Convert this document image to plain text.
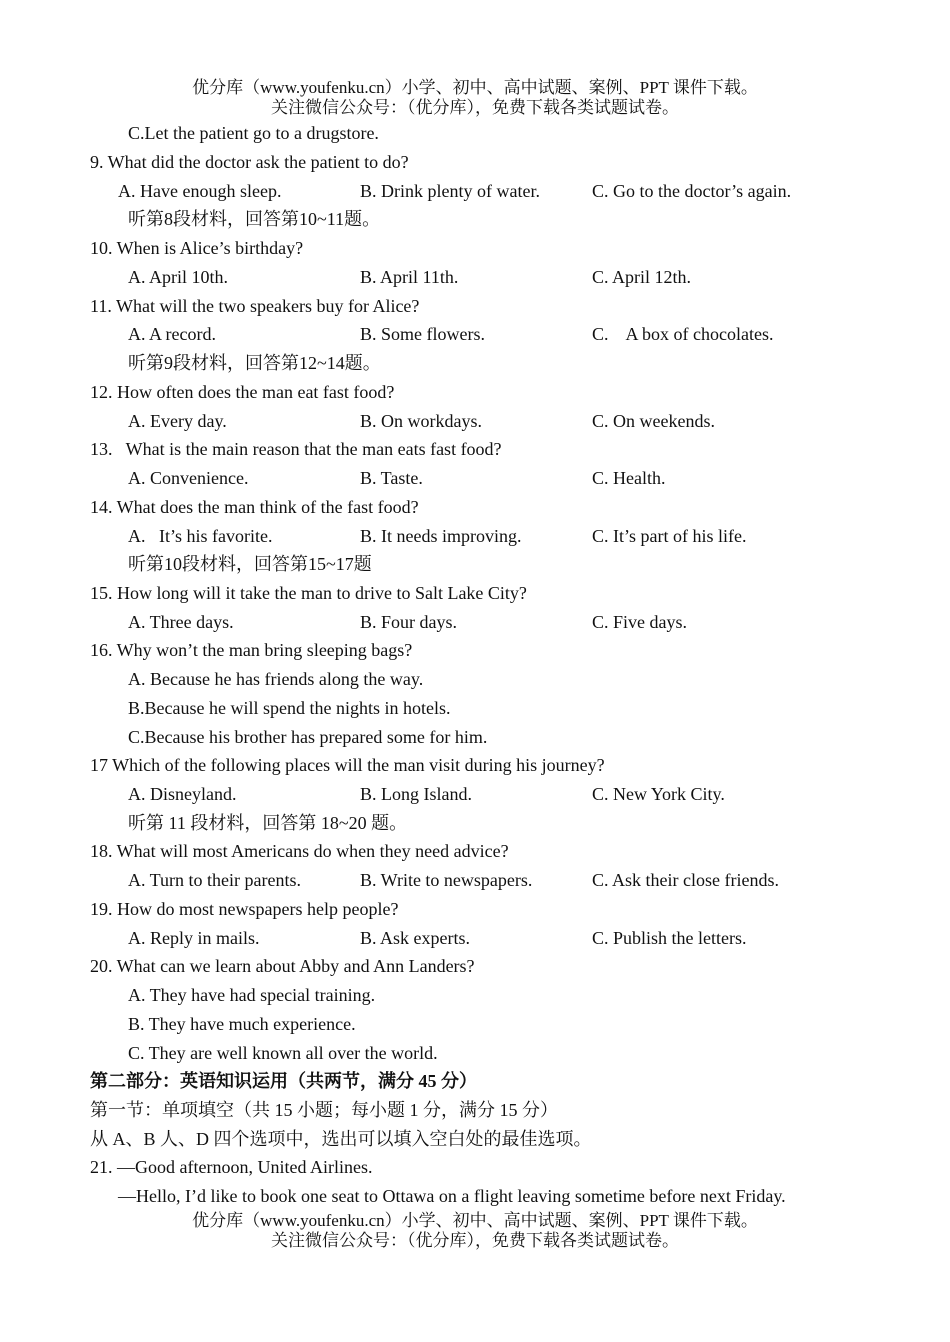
优分库（www.youfenku.cn）小学、初中、高中试题、案例、PPT 课件下载。
关注微信公众号：（优分库），免费下载各类试题试卷。
C.Let the patient go to a drugstore.
9. What did the doctor ask the patient to do?
A. Have enough sleep.	B. Drink plenty of water.	C. Go to the doctor’s again.
听第8段材料，回答第10~11题。
10. When is Alice’s birthday?
A. April 10th.	B. April 11th.	C. April 12th.
11. What will the two speakers buy for Alice?
A. A record.	B. Some flowers.	C.    A box of chocolates.
听第9段材料，回答第12~14题。
12. How often does the man eat fast food?
A. Every day.	B. On workdays.	C. On weekends.
13.   What is the main reason that the man eats fast food?
A. Convenience.	B. Taste.	C. Health.
14. What does the man think of the fast food?
A.   It’s his favorite.	B. It needs improving.	C. It’s part of his life.
听第10段材料，回答第15~17题
15. How long will it take the man to drive to Salt Lake City?
A. Three days.	B. Four days.	C. Five days.
16. Why won’t the man bring sleeping bags?
A. Because he has friends along the way.
B.Because he will spend the nights in hotels.
C.Because his brother has prepared some for him.
17 Which of the following places will the man visit during his journey?
A. Disneyland.	B. Long Island.	C. New York City.
听第 11 段材料，回答第 18~20 题。
18. What will most Americans do when they need advice?
A. Turn to their parents.	B. Write to newspapers.	C. Ask their close friends.
19. How do most newspapers help people?
A. Reply in mails.	B. Ask experts.	C. Publish the letters.
20. What can we learn about Abby and Ann Landers?
A. They have had special training.
B. They have much experience.
C. They are well known all over the world.
第二部分：英语知识运用（共两节，满分 45 分）
第一节：单项填空（共 15 小题；每小题 1 分，满分 15 分）
从 A、B 人、D 四个选项中，选出可以填入空白处的最佳选项。
21. —Good afternoon, United Airlines.
—Hello, I’d like to book one seat to Ottawa on a flight leaving sometime before next Friday.
优分库（www.youfenku.cn）小学、初中、高中试题、案例、PPT 课件下载。
关注微信公众号：（优分库），免费下载各类试题试卷。
